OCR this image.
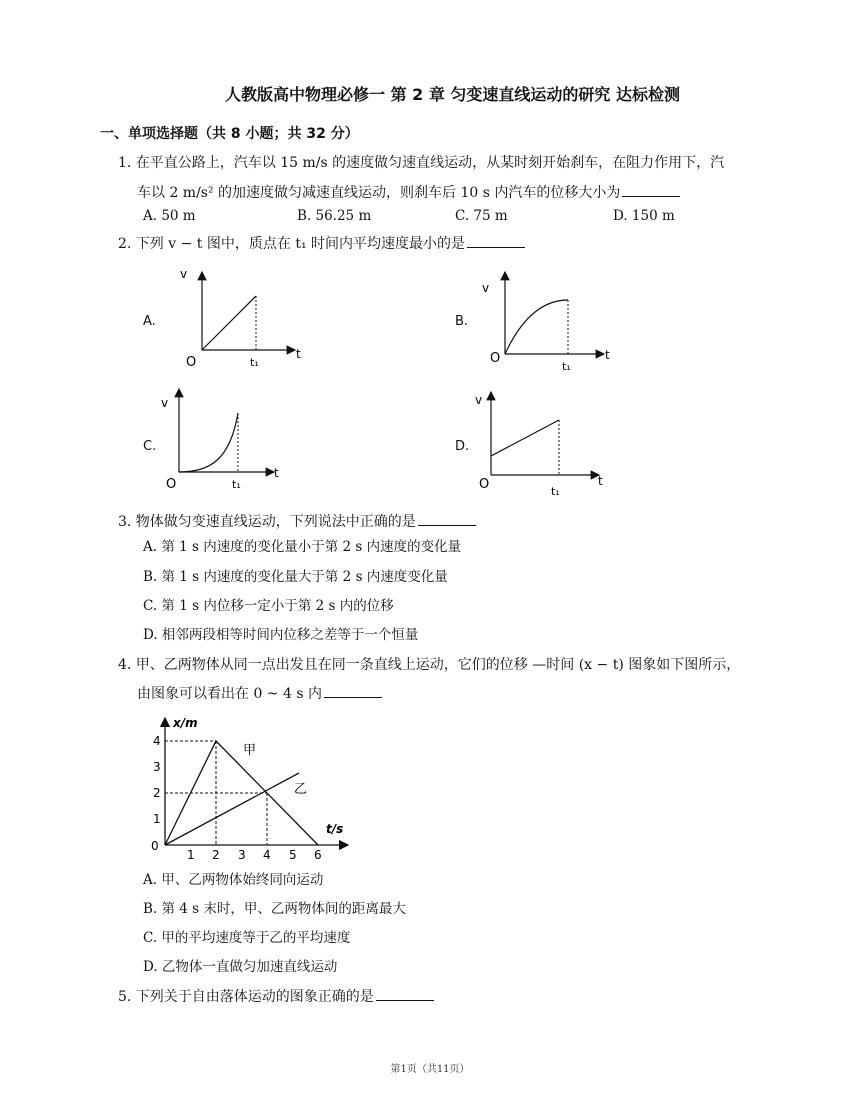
人教版高中物理必修一 第 2 章 匀变速直线运动的研究 达标检测
一、单项选择题（共 8 小题；共 32 分）
1. 在平直公路上，汽车以 15 m/s 的速度做匀速直线运动，从某时刻开始刹车，在阻力作用下，汽
车以 2 m/s² 的加速度做匀减速直线运动，则刹车后 10 s 内汽车的位移大小为
A. 50 m	B. 56.25 m	C. 75 m	D. 150 m
2. 下列 v − t 图中，质点在 t₁ 时间内平均速度最小的是
A.	B.
C.	D.
v
t
O	t₁
v
t
O
t₁
v
t
O	t₁
v
t
O	t₁
3. 物体做匀变速直线运动，下列说法中正确的是
A. 第 1 s 内速度的变化量小于第 2 s 内速度的变化量
B. 第 1 s 内速度的变化量大于第 2 s 内速度变化量
C. 第 1 s 内位移一定小于第 2 s 内的位移
D. 相邻两段相等时间内位移之差等于一个恒量
4. 甲、乙两物体从同一点出发且在同一条直线上运动，它们的位移 —时间 (x − t) 图象如下图所示，
由图象可以看出在 0 ~ 4 s 内
x/m
t/s
4
3
2
1
0
1 2 3 4 5 6
甲
乙
A. 甲、乙两物体始终同向运动
B. 第 4 s 末时，甲、乙两物体间的距离最大
C. 甲的平均速度等于乙的平均速度
D. 乙物体一直做匀加速直线运动
5. 下列关于自由落体运动的图象正确的是
第1页（共11页）
